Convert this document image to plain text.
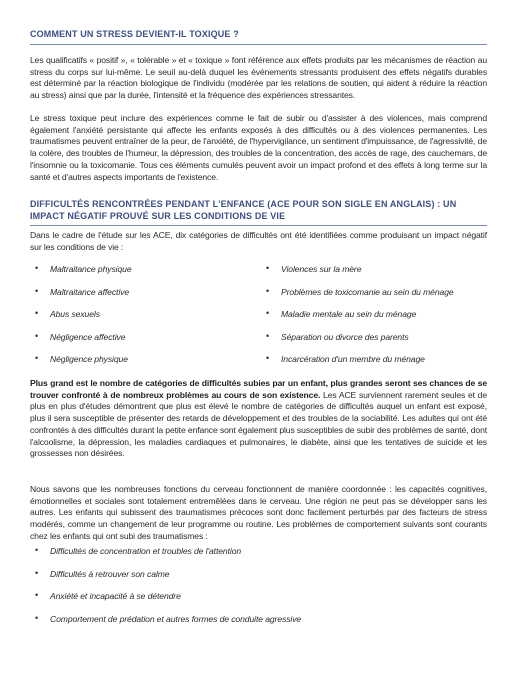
COMMENT UN STRESS DEVIENT-IL TOXIQUE ?

Les qualificatifs « positif », « tolérable » et « toxique » font référence aux effets produits par les mécanismes de réaction au stress du corps sur lui-même. Le seuil au-delà duquel les événements stressants produisent des effets négatifs durables est déterminé par la réaction biologique de l'individu (modérée par les relations de soutien, qui aident à réduire la réaction au stress) ainsi que par la durée, l'intensité et la fréquence des expériences stressantes.

Le stress toxique peut inclure des expériences comme le fait de subir ou d'assister à des violences, mais comprend également l'anxiété persistante qui affecte les enfants exposés à des difficultés ou à des violences permanentes. Les traumatismes peuvent entraîner de la peur, de l'anxiété, de l'hypervigilance, un sentiment d'impuissance, de l'agressivité, de la colère, des troubles de l'humeur, la dépression, des troubles de la concentration, des accès de rage, des cauchemars, de l'insomnie ou la toxicomanie. Tous ces éléments cumulés peuvent avoir un impact profond et des effets à long terme sur la santé et d'autres aspects importants de l'existence.

DIFFICULTÉS RENCONTRÉES PENDANT L'ENFANCE (ACE POUR SON SIGLE EN ANGLAIS) : UN IMPACT NÉGATIF PROUVÉ SUR LES CONDITIONS DE VIE

Dans le cadre de l'étude sur les ACE, dix catégories de difficultés ont été identifiées comme produisant un impact négatif sur les conditions de vie :

• Maltraitance physique
• Maltraitance affective
• Abus sexuels
• Négligence affective
• Négligence physique
• Violences sur la mère
• Problèmes de toxicomanie au sein du ménage
• Maladie mentale au sein du ménage
• Séparation ou divorce des parents
• Incarcération d'un membre du ménage

Plus grand est le nombre de catégories de difficultés subies par un enfant, plus grandes seront ses chances de se trouver confronté à de nombreux problèmes au cours de son existence. Les ACE surviennent rarement seules et de plus en plus d'études démontrent que plus est élevé le nombre de catégories de difficultés auquel un enfant est exposé, plus il sera susceptible de présenter des retards de développement et des troubles de la sociabilité. Les adultes qui ont été confrontés à des difficultés durant la petite enfance sont également plus susceptibles de subir des problèmes de santé, dont l'alcoolisme, la dépression, les maladies cardiaques et pulmonaires, le diabète, ainsi que les tentatives de suicide et les grossesses non désirées.

Nous savons que les nombreuses fonctions du cerveau fonctionnent de manière coordonnée : les capacités cognitives, émotionnelles et sociales sont totalement entremêlées dans le cerveau. Une région ne peut pas se développer sans les autres. Les enfants qui subissent des traumatismes précoces sont donc facilement perturbés par des facteurs de stress modérés, comme un changement de leur programme ou routine. Les problèmes de comportement suivants sont courants chez les enfants qui ont subi des traumatismes :

• Difficultés de concentration et troubles de l'attention
• Difficultés à retrouver son calme
• Anxiété et incapacité à se détendre
• Comportement de prédation et autres formes de conduite agressive
